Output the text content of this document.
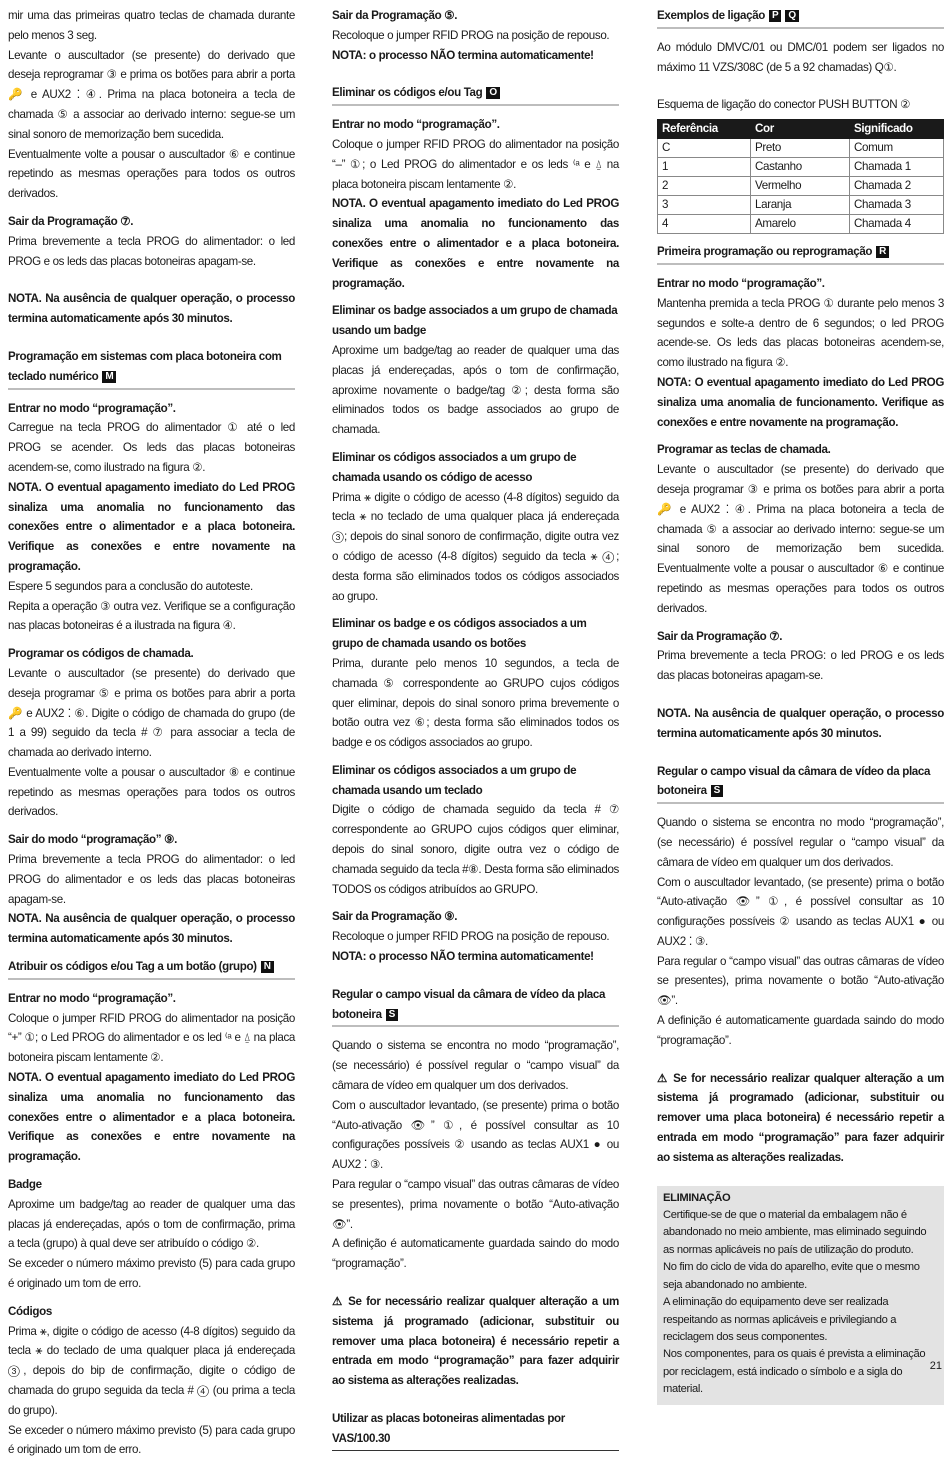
mir uma das primeiras quatro teclas de chamada durante pelo menos 3 seg.

Levante o auscultador (se presente) do derivado que deseja reprogramar ③ e prima os botões para abrir a porta 🔑 e AUX2 ⁚ ④. Prima na placa botoneira a tecla de chamada ⑤ a associar ao derivado interno: segue-se um sinal sonoro de memorização bem sucedida.

Eventualmente volte a pousar o auscultador ⑥ e continue repetindo as mesmas operações para todos os outros derivados.

Sair da Programação ⑦.

Prima brevemente a tecla PROG do alimentador: o led PROG e os leds das placas botoneiras apagam-se.

NOTA. Na ausência de qualquer operação, o processo termina automaticamente após 30 minutos.

Programação em sistemas com placa botoneira com teclado numérico M

Entrar no modo “programação”.

Carregue na tecla PROG do alimentador ① até o led PROG se acender. Os leds das placas botoneiras acendem-se, como ilustrado na figura ②.

NOTA. O eventual apagamento imediato do Led PROG sinaliza uma anomalia no funcionamento das conexões entre o alimentador e a placa botoneira. Verifique as conexões e entre novamente na programação.

Espere 5 segundos para a conclusão do autoteste.

Repita a operação ③ outra vez. Verifique se a configuração nas placas botoneiras é a ilustrada na figura ④.

Programar os códigos de chamada.

Levante o auscultador (se presente) do derivado que deseja programar ⑤ e prima os botões para abrir a porta 🔑 e AUX2 ⁚ ⑥. Digite o código de chamada do grupo (de 1 a 99) seguido da tecla # ⑦ para associar a tecla de chamada ao derivado interno.

Eventualmente volte a pousar o auscultador ⑧ e continue repetindo as mesmas operações para todos os outros derivados.

Sair do modo “programação” ⑨.

Prima brevemente a tecla PROG do alimentador: o led PROG do alimentador e os leds das placas botoneiras apagam-se.

NOTA. Na ausência de qualquer operação, o processo termina automaticamente após 30 minutos.

Atribuir os códigos e/ou Tag a um botão (grupo) N

Entrar no modo “programação”.

Coloque o jumper RFID PROG do alimentador na posição “+” ①; o Led PROG do alimentador e os led ⁽ᵃ e ⍙ na placa botoneira piscam lentamente ②.

NOTA. O eventual apagamento imediato do Led PROG sinaliza uma anomalia no funcionamento das conexões entre o alimentador e a placa botoneira. Verifique as conexões e entre novamente na programação.

Badge

Aproxime um badge/tag ao reader de qualquer uma das placas já endereçadas, após o tom de confirmação, prima a tecla (grupo) à qual deve ser atribuído o código ②.

Se exceder o número máximo previsto (5) para cada grupo é originado um tom de erro.

Códigos

Prima ⚹, digite o código de acesso (4-8 dígitos) seguido da tecla ⚹ do teclado de uma qualquer placa já endereçada ③, depois do bip de confirmação, digite o código de chamada do grupo seguida da tecla # ④ (ou prima a tecla do grupo).

Se exceder o número máximo previsto (5) para cada grupo é originado um tom de erro.

Sair da Programação ⑤.

Recoloque o jumper RFID PROG na posição de repouso.

NOTA: o processo NÃO termina automaticamente!

Eliminar os códigos e/ou Tag O

Entrar no modo “programação”.

Coloque o jumper RFID PROG do alimentador na posição “–” ①; o Led PROG do alimentador e os leds ⁽ᵃ e ⍙ na placa botoneira piscam lentamente ②.

NOTA. O eventual apagamento imediato do Led PROG sinaliza uma anomalia no funcionamento das conexões entre o alimentador e a placa botoneira. Verifique as conexões e entre novamente na programação.

Eliminar os badge associados a um grupo de chamada usando um badge

Aproxime um badge/tag ao reader de qualquer uma das placas já endereçadas, após o tom de confirmação, aproxime novamente o badge/tag ②; desta forma são eliminados todos os badge associados ao grupo de chamada.

Eliminar os códigos associados a um grupo de chamada usando os código de acesso

Prima ⚹ digite o código de acesso (4-8 dígitos) seguido da tecla ⚹ no teclado de uma qualquer placa já endereçada ③; depois do sinal sonoro de confirmação, digite outra vez o código de acesso (4-8 dígitos) seguido da tecla ⚹ ④; desta forma são eliminados todos os códigos associados ao grupo.

Eliminar os badge e os códigos associados a um grupo de chamada usando os botões

Prima, durante pelo menos 10 segundos, a tecla de chamada ⑤ correspondente ao GRUPO cujos códigos quer eliminar, depois do sinal sonoro prima brevemente o botão outra vez ⑥; desta forma são eliminados todos os badge e os códigos associados ao grupo.

Eliminar os códigos associados a um grupo de chamada usando um teclado

Digite o código de chamada seguido da tecla # ⑦ correspondente ao GRUPO cujos códigos quer eliminar, depois do sinal sonoro, digite outra vez o código de chamada seguido da tecla #⑧. Desta forma são eliminados TODOS os códigos atribuídos ao GRUPO.

Sair da Programação ⑨.

Recoloque o jumper RFID PROG na posição de repouso.

NOTA: o processo NÃO termina automaticamente!

Regular o campo visual da câmara de vídeo da placa botoneira S

Quando o sistema se encontra no modo “programação”, (se necessário) é possível regular o “campo visual” da câmara de vídeo em qualquer um dos derivados.

Com o auscultador levantado, (se presente) prima o botão “Auto-ativação 👁” ①, é possível consultar as 10 configurações possíveis ② usando as teclas AUX1 ● ou AUX2 ⁚ ③.

Para regular o “campo visual” das outras câmaras de vídeo se presentes), prima novamente o botão “Auto-ativação 👁”.

A definição é automaticamente guardada saindo do modo “programação”.

⚠ Se for necessário realizar qualquer alteração a um sistema já programado (adicionar, substituir ou remover uma placa botoneira) é necessário repetir a entrada em modo “programação” para fazer adquirir ao sistema as alterações realizadas.

Utilizar as placas botoneiras alimentadas por VAS/100.30
Exemplos de ligação P Q

Ao módulo DMVC/01 ou DMC/01 podem ser ligados no máximo 11 VZS/308C (de 5 a 92 chamadas) Q①.

Esquema de ligação do conector PUSH BUTTON ②

Referência	Cor	Significado
C	Preto	Comum
1	Castanho	Chamada 1
2	Vermelho	Chamada 2
3	Laranja	Chamada 3
4	Amarelo	Chamada 4
Primeira programação ou reprogramação R

Entrar no modo “programação”.

Mantenha premida a tecla PROG ① durante pelo menos 3 segundos e solte-a dentro de 6 segundos; o led PROG acende-se. Os leds das placas botoneiras acendem-se, como ilustrado na figura ②.

NOTA: O eventual apagamento imediato do Led PROG sinaliza uma anomalia de funcionamento. Verifique as conexões e entre novamente na programação.

Programar as teclas de chamada.

Levante o auscultador (se presente) do derivado que deseja programar ③ e prima os botões para abrir a porta 🔑 e AUX2 ⁚ ④. Prima na placa botoneira a tecla de chamada ⑤ a associar ao derivado interno: segue-se um sinal sonoro de memorização bem sucedida. Eventualmente volte a pousar o auscultador ⑥ e continue repetindo as mesmas operações para todos os outros derivados.

Sair da Programação ⑦.

Prima brevemente a tecla PROG: o led PROG e os leds das placas botoneiras apagam-se.

NOTA. Na ausência de qualquer operação, o processo termina automaticamente após 30 minutos.

Regular o campo visual da câmara de vídeo da placa botoneira S

Quando o sistema se encontra no modo “programação”, (se necessário) é possível regular o “campo visual” da câmara de vídeo em qualquer um dos derivados.

Com o auscultador levantado, (se presente) prima o botão “Auto-ativação 👁” ①, é possível consultar as 10 configurações possíveis ② usando as teclas AUX1 ● ou AUX2 ⁚ ③.

Para regular o “campo visual” das outras câmaras de vídeo se presentes), prima novamente o botão “Auto-ativação 👁”.

A definição é automaticamente guardada saindo do modo “programação”.

⚠ Se for necessário realizar qualquer alteração a um sistema já programado (adicionar, substituir ou remover uma placa botoneira) é necessário repetir a entrada em modo “programação” para fazer adquirir ao sistema as alterações realizadas.

ELIMINAÇÃO

Certifique-se de que o material da embalagem não é abandonado no meio ambiente, mas eliminado seguindo as normas aplicáveis no país de utilização do produto.

No fim do ciclo de vida do aparelho, evite que o mesmo seja abandonado no ambiente.

A eliminação do equipamento deve ser realizada respeitando as normas aplicáveis e privilegiando a reciclagem dos seus componentes.

Nos componentes, para os quais é prevista a eliminação por reciclagem, está indicado o símbolo e a sigla do material.

21
